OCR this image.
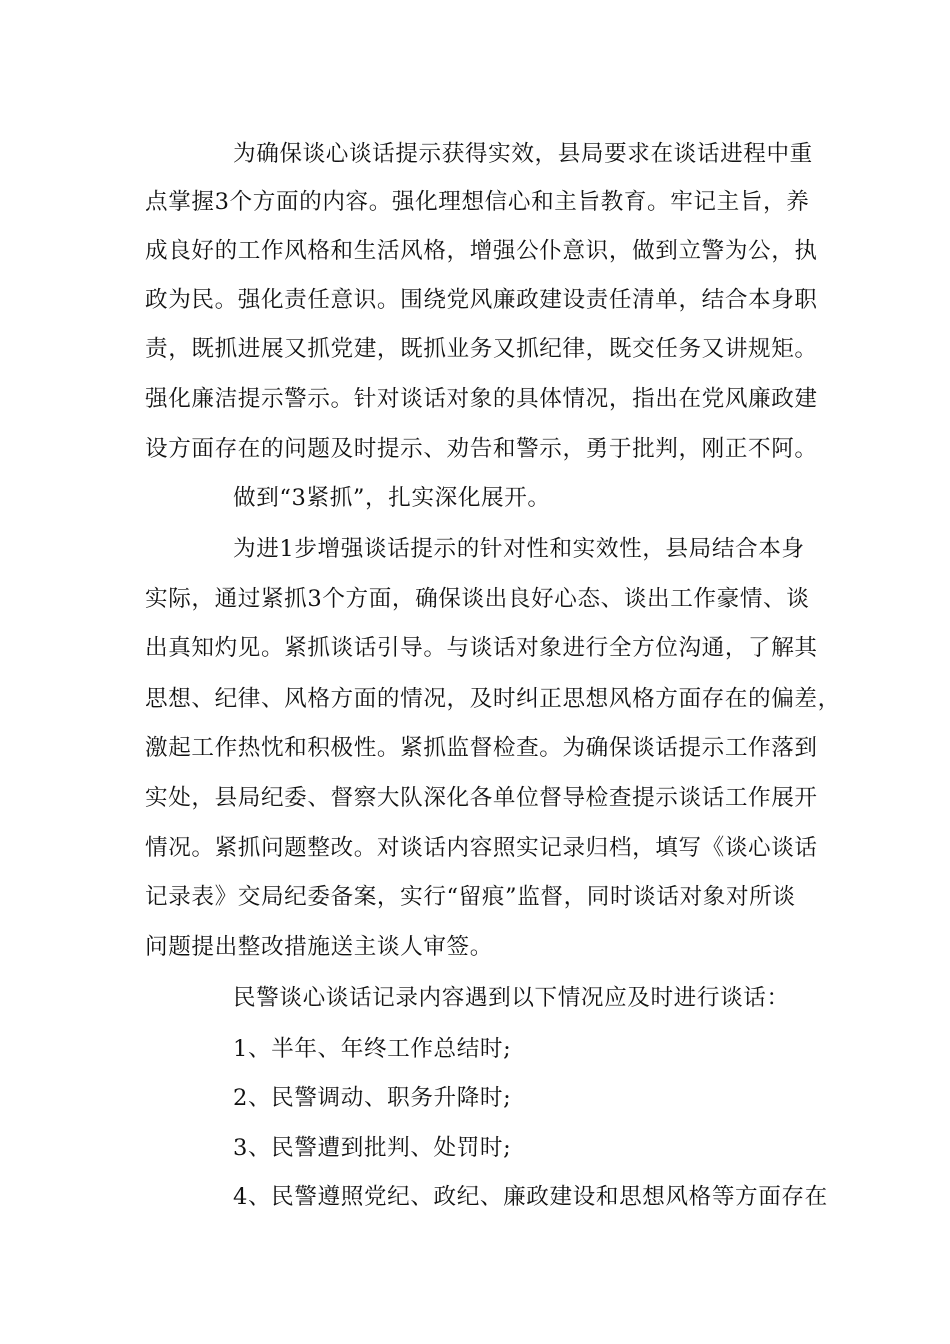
为确保谈心谈话提示获得实效，县局要求在谈话进程中重
点掌握3个方面的内容。强化理想信心和主旨教育。牢记主旨，养
成良好的工作风格和生活风格，增强公仆意识，做到立警为公，执
政为民。强化责任意识。围绕党风廉政建设责任清单，结合本身职
责，既抓进展又抓党建，既抓业务又抓纪律，既交任务又讲规矩。
强化廉洁提示警示。针对谈话对象的具体情况，指出在党风廉政建
设方面存在的问题及时提示、劝告和警示，勇于批判，刚正不阿。
做到“3紧抓”，扎实深化展开。
为进1步增强谈话提示的针对性和实效性，县局结合本身
实际，通过紧抓3个方面，确保谈出良好心态、谈出工作豪情、谈
出真知灼见。紧抓谈话引导。与谈话对象进行全方位沟通，了解其
思想、纪律、风格方面的情况，及时纠正思想风格方面存在的偏差，
激起工作热忱和积极性。紧抓监督检查。为确保谈话提示工作落到
实处，县局纪委、督察大队深化各单位督导检查提示谈话工作展开
情况。紧抓问题整改。对谈话内容照实记录归档，填写《谈心谈话
记录表》交局纪委备案，实行“留痕”监督，同时谈话对象对所谈
问题提出整改措施送主谈人审签。
民警谈心谈话记录内容遇到以下情况应及时进行谈话：
1、半年、年终工作总结时;
2、民警调动、职务升降时;
3、民警遭到批判、处罚时;
4、民警遵照党纪、政纪、廉政建设和思想风格等方面存在
